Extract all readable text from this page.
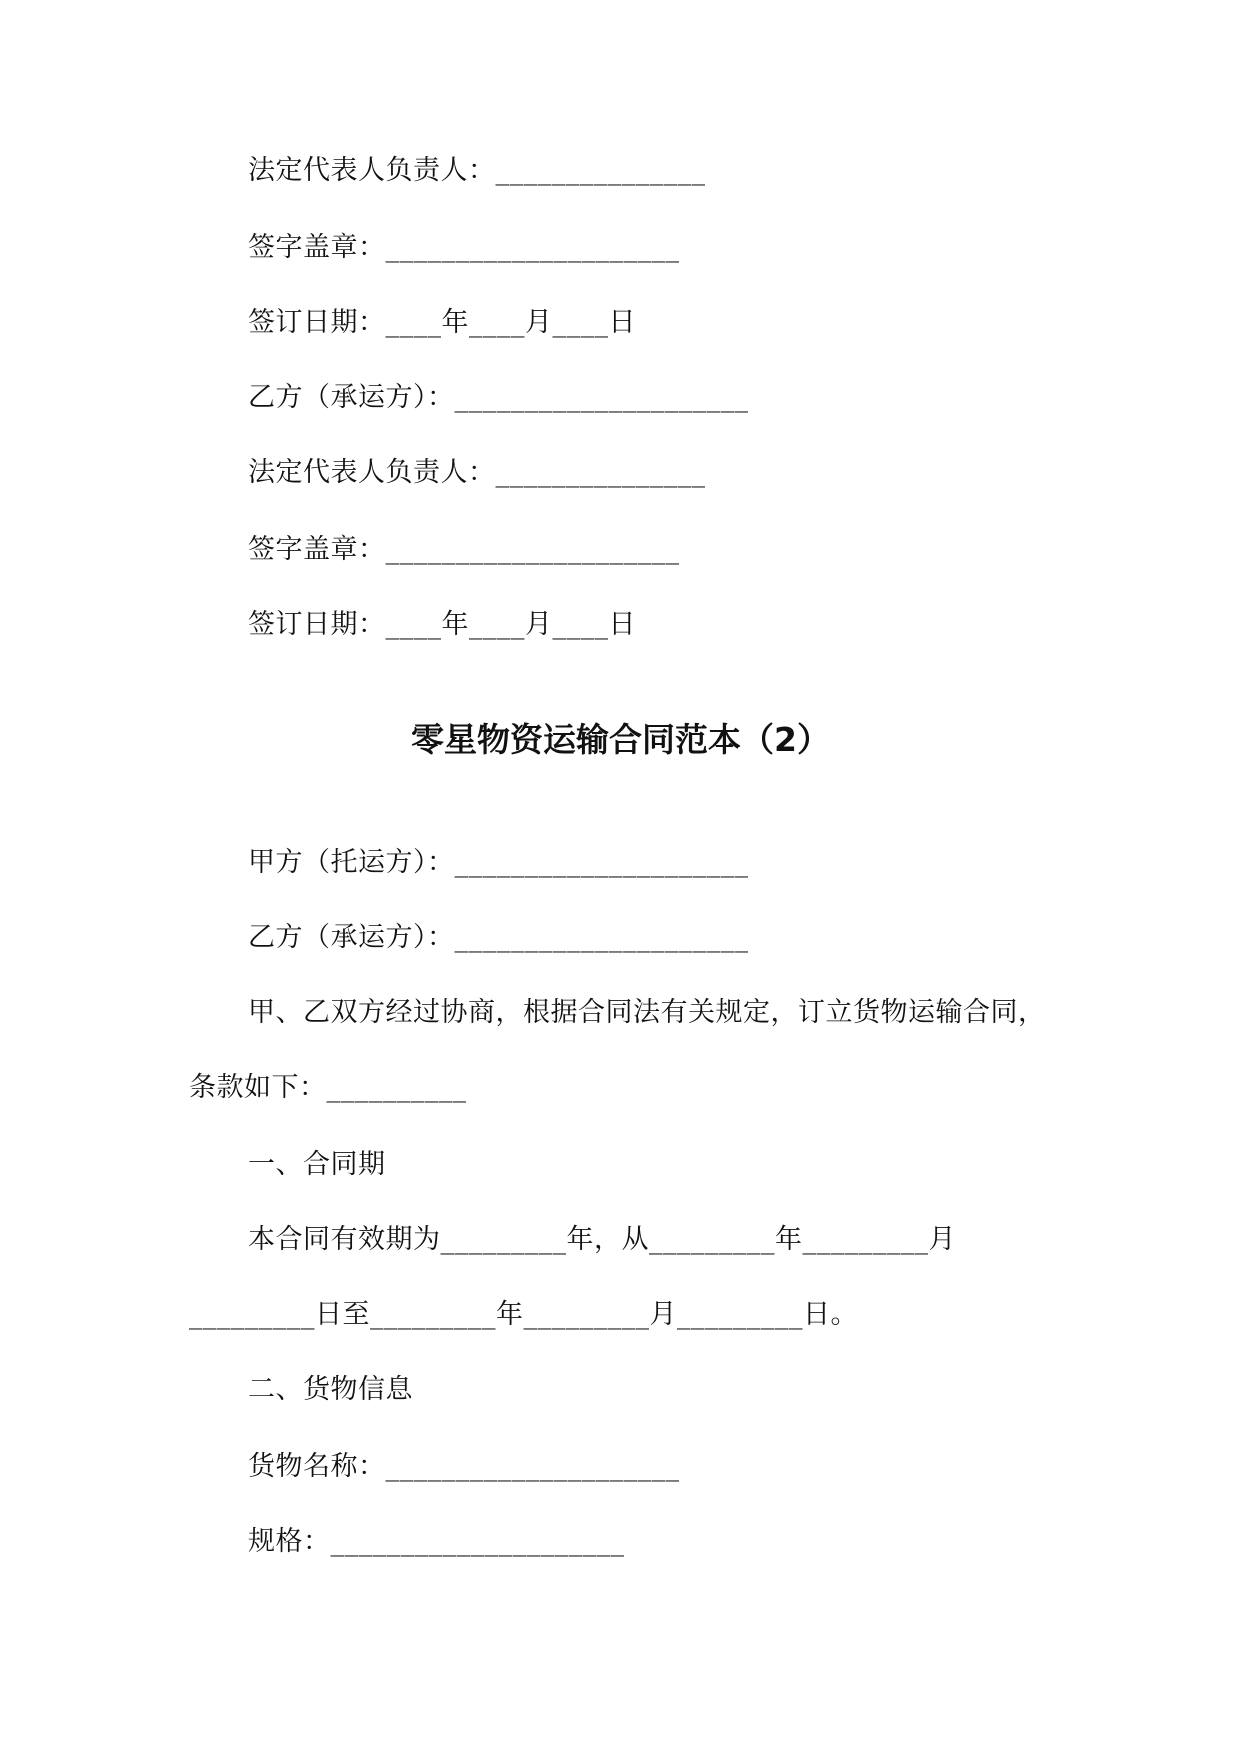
法定代表人负责人：_______________
签字盖章：_____________________
签订日期：____年____月____日
乙方（承运方）：_____________________
法定代表人负责人：_______________
签字盖章：_____________________
签订日期：____年____月____日
零星物资运输合同范本（2）
甲方（托运方）：_____________________
乙方（承运方）：_____________________
甲、乙双方经过协商，根据合同法有关规定，订立货物运输合同，
条款如下：__________
一、合同期
本合同有效期为_________年，从_________年_________月
_________日至_________年_________月_________日。
二、货物信息
货物名称：_____________________
规格：_____________________
